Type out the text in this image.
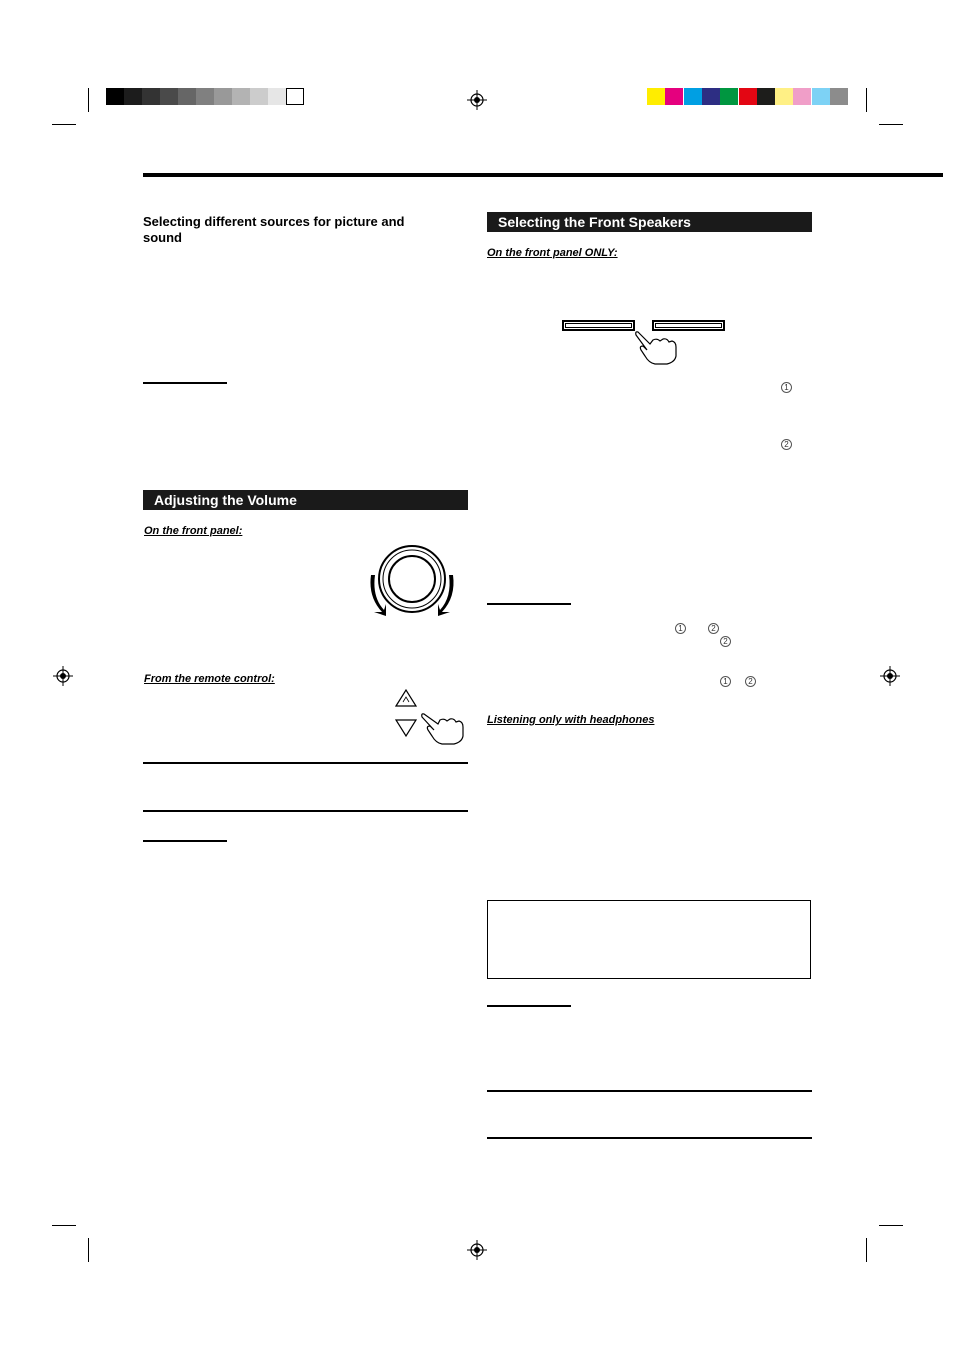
Selecting different sources for picture and sound
Adjusting the Volume
On the front panel:
From the remote control:
Selecting the Front Speakers
On the front panel ONLY:
1
2
1	2
2
1	2
Listening only with headphones
